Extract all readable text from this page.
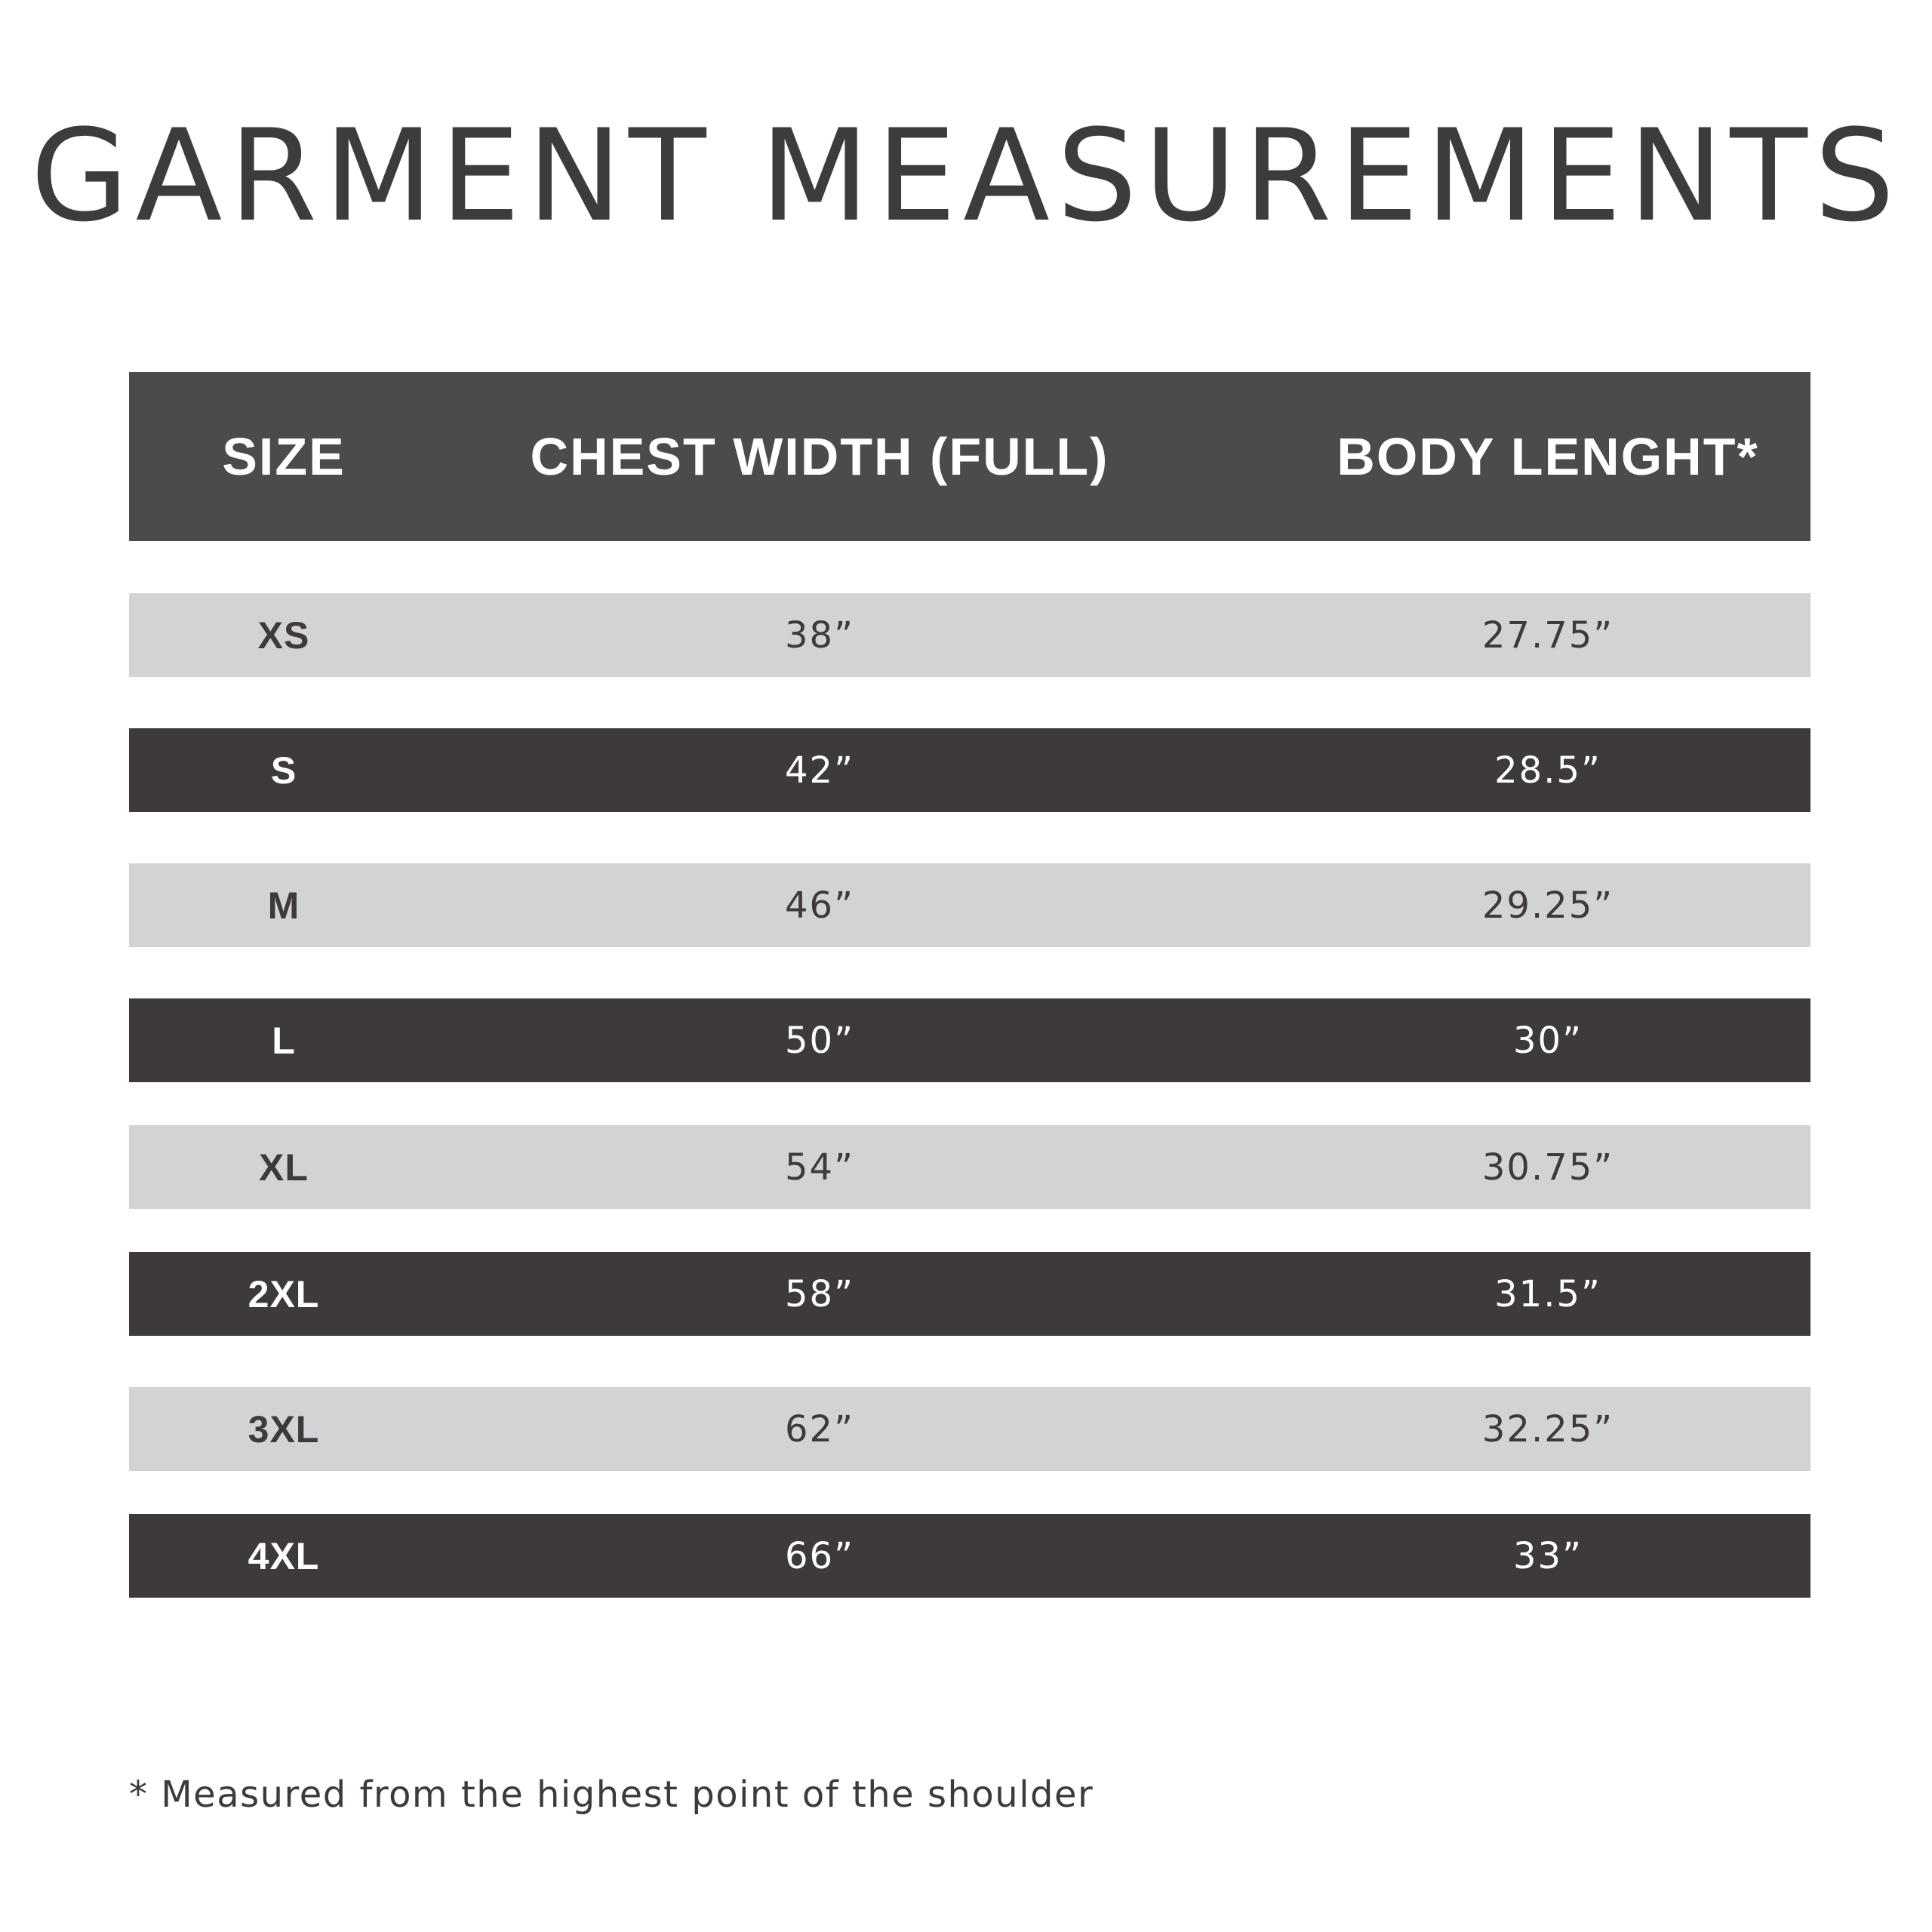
GARMENT MEASUREMENTS
SIZE	CHEST WIDTH (FULL)	BODY LENGHT*
XS	38”	27.75”
S	42”	28.5”
M	46”	29.25”
L	50”	30”
XL	54”	30.75”
2XL	58”	31.5”
3XL	62”	32.25”
4XL	66”	33”
* Measured from the highest point of the shoulder
